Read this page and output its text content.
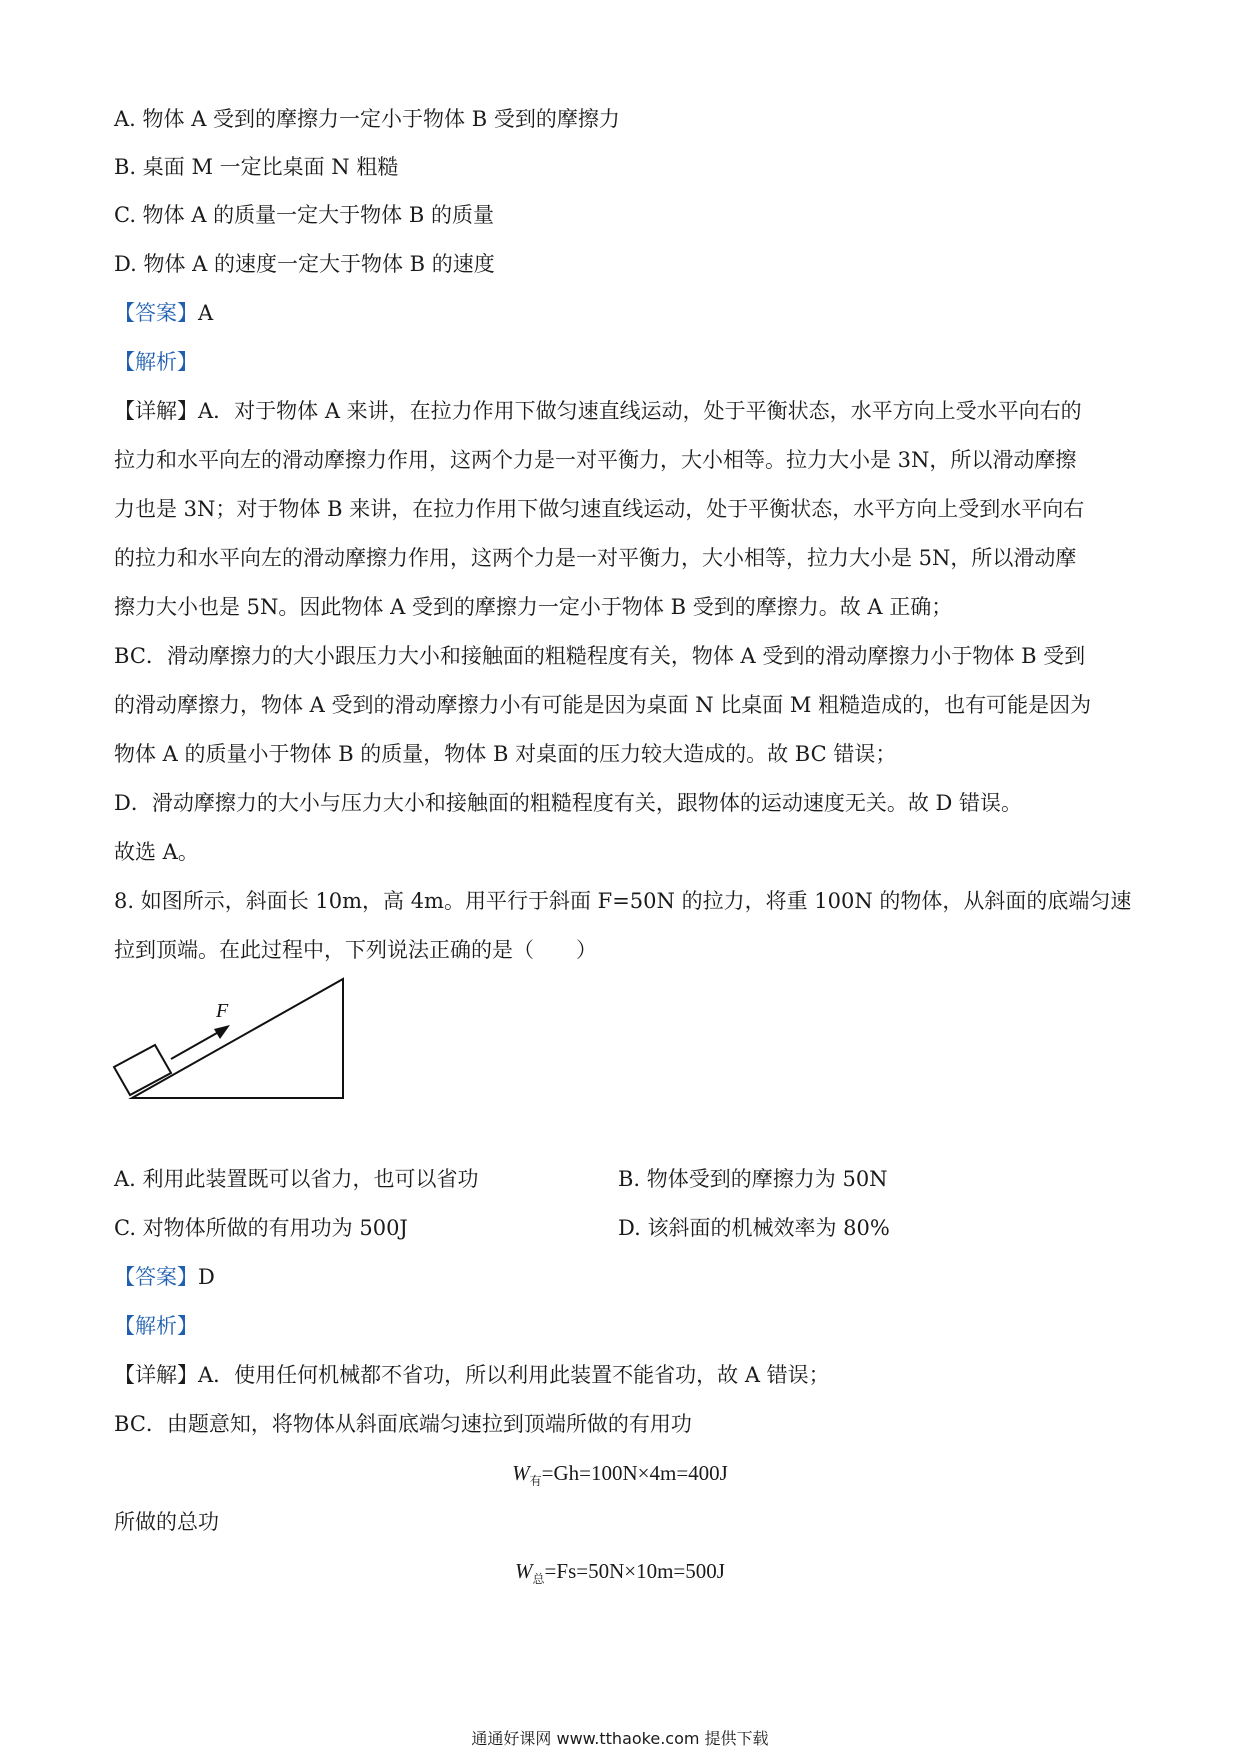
A. 物体 A 受到的摩擦力一定小于物体 B 受到的摩擦力
B. 桌面 M 一定比桌面 N 粗糙
C. 物体 A 的质量一定大于物体 B 的质量
D. 物体 A 的速度一定大于物体 B 的速度
【答案】A
【解析】
【详解】A．对于物体 A 来讲，在拉力作用下做匀速直线运动，处于平衡状态，水平方向上受水平向右的
拉力和水平向左的滑动摩擦力作用，这两个力是一对平衡力，大小相等。拉力大小是 3N，所以滑动摩擦
力也是 3N；对于物体 B 来讲，在拉力作用下做匀速直线运动，处于平衡状态，水平方向上受到水平向右
的拉力和水平向左的滑动摩擦力作用，这两个力是一对平衡力，大小相等，拉力大小是 5N，所以滑动摩
擦力大小也是 5N。因此物体 A 受到的摩擦力一定小于物体 B 受到的摩擦力。故 A 正确；
BC．滑动摩擦力的大小跟压力大小和接触面的粗糙程度有关，物体 A 受到的滑动摩擦力小于物体 B 受到
的滑动摩擦力，物体 A 受到的滑动摩擦力小有可能是因为桌面 N 比桌面 M 粗糙造成的，也有可能是因为
物体 A 的质量小于物体 B 的质量，物体 B 对桌面的压力较大造成的。故 BC 错误；
D．滑动摩擦力的大小与压力大小和接触面的粗糙程度有关，跟物体的运动速度无关。故 D 错误。
故选 A。
8. 如图所示，斜面长 10m，高 4m。用平行于斜面 F=50N 的拉力，将重 100N 的物体，从斜面的底端匀速
拉到顶端。在此过程中，下列说法正确的是（　　）
F
A. 利用此装置既可以省力，也可以省功	B. 物体受到的摩擦力为 50N
C. 对物体所做的有用功为 500J	D. 该斜面的机械效率为 80%
【答案】D
【解析】
【详解】A．使用任何机械都不省功，所以利用此装置不能省功，故 A 错误；
BC．由题意知，将物体从斜面底端匀速拉到顶端所做的有用功
$W_有=Gh=100N\times 4m=400J$
所做的总功
$W_总=Fs=50N\times 10m=500J$
通通好课网 www.tthaoke.com 提供下载
